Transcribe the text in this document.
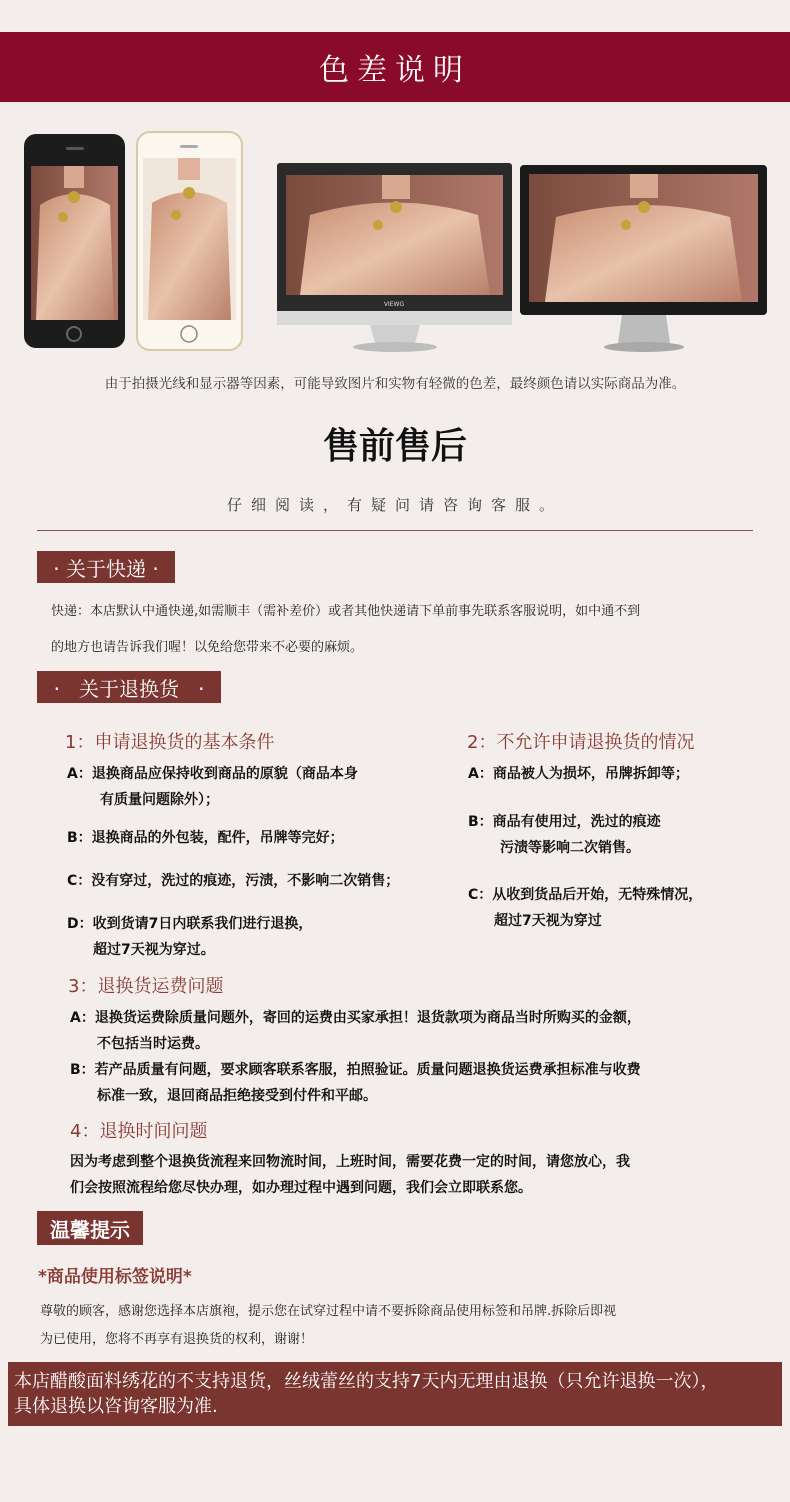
色差说明
VIEWG
由于拍摄光线和显示器等因素，可能导致图片和实物有轻微的色差，最终颜色请以实际商品为准。
售前售后
仔细阅读，有疑问请咨询客服。
· 关于快递 ·
快递：本店默认中通快递,如需顺丰（需补差价）或者其他快递请下单前事先联系客服说明，如中通不到
的地方也请告诉我们喔！以免给您带来不必要的麻烦。
·   关于退换货   ·
1：申请退换货的基本条件	2：不允许申请退换货的情况
A：退换商品应保持收到商品的原貌（商品本身
有质量问题除外）；
B：退换商品的外包装，配件，吊牌等完好；
C：没有穿过，洗过的痕迹，污渍，不影响二次销售；
D：收到货请7日内联系我们进行退换，
超过7天视为穿过。
A：商品被人为损坏，吊牌拆卸等；
B：商品有使用过，洗过的痕迹
污渍等影响二次销售。
C：从收到货品后开始，无特殊情况，
超过7天视为穿过
3：退换货运费问题
A：退换货运费除质量问题外，寄回的运费由买家承担！退货款项为商品当时所购买的金额，
不包括当时运费。
B：若产品质量有问题，要求顾客联系客服，拍照验证。质量问题退换货运费承担标准与收费
标准一致，退回商品拒绝接受到付件和平邮。
4：退换时间问题
因为考虑到整个退换货流程来回物流时间，上班时间，需要花费一定的时间，请您放心，我
们会按照流程给您尽快办理，如办理过程中遇到问题，我们会立即联系您。
温馨提示
*商品使用标签说明*
尊敬的顾客，感谢您选择本店旗袍，提示您在试穿过程中请不要拆除商品使用标签和吊牌.拆除后即视
为已使用，您将不再享有退换货的权利，谢谢！
本店醋酸面料绣花的不支持退货，丝绒蕾丝的支持7天内无理由退换（只允许退换一次），
具体退换以咨询客服为准.
